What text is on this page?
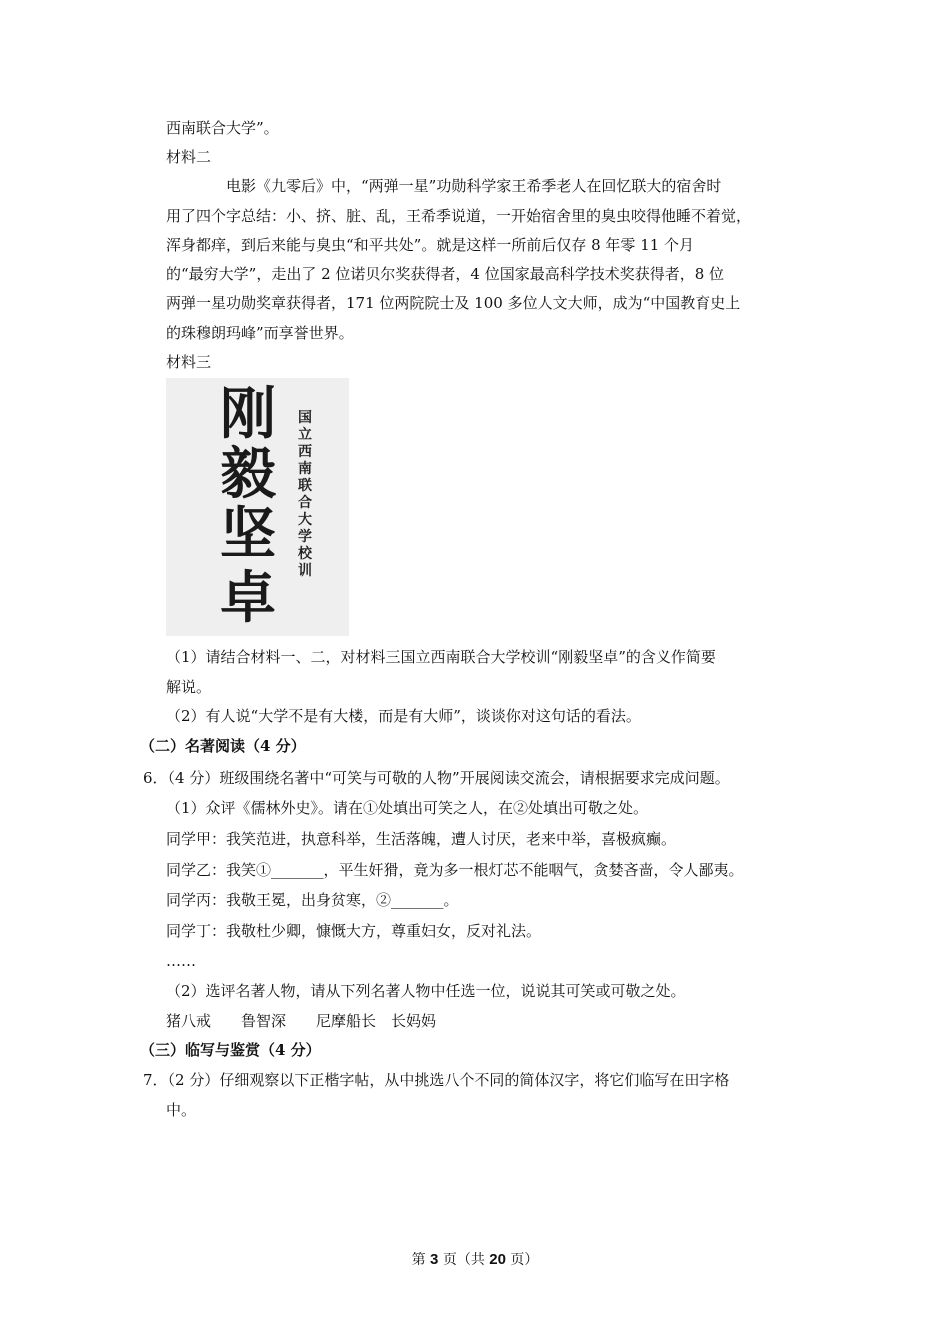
西南联合大学”。
材料二
电影《九零后》中，“两弹一星”功勋科学家王希季老人在回忆联大的宿舍时
用了四个字总结：小、挤、脏、乱，王希季说道，一开始宿舍里的臭虫咬得他睡不着觉，
浑身都痒，到后来能与臭虫“和平共处”。就是这样一所前后仅存 8 年零 11 个月
的“最穷大学”，走出了 2 位诺贝尔奖获得者，4 位国家最高科学技术奖获得者，8 位
两弹一星功勋奖章获得者，171 位两院院士及 100 多位人文大师，成为“中国教育史上
的珠穆朗玛峰”而享誉世界。
材料三
刚
毅
坚
卓
国立西南联合大学校训
（1）请结合材料一、二，对材料三国立西南联合大学校训“刚毅坚卓”的含义作简要
解说。
（2）有人说“大学不是有大楼，而是有大师”，谈谈你对这句话的看法。
（二）名著阅读（4 分）
6．（4 分）班级围绕名著中“可笑与可敬的人物”开展阅读交流会，请根据要求完成问题。
（1）众评《儒林外史》。请在①处填出可笑之人，在②处填出可敬之处。
同学甲：我笑范进，执意科举，生活落魄，遭人讨厌，老来中举，喜极疯癫。
同学乙：我笑①_______，平生奸猾，竟为多一根灯芯不能咽气，贪婪吝啬，令人鄙夷。
同学丙：我敬王冕，出身贫寒，②_______。
同学丁：我敬杜少卿，慷慨大方，尊重妇女，反对礼法。
……
（2）选评名著人物，请从下列名著人物中任选一位，说说其可笑或可敬之处。
猪八戒　　鲁智深　　尼摩船长　长妈妈
（三）临写与鉴赏（4 分）
7．（2 分）仔细观察以下正楷字帖，从中挑选八个不同的简体汉字，将它们临写在田字格
中。
第 3 页（共 20 页）
